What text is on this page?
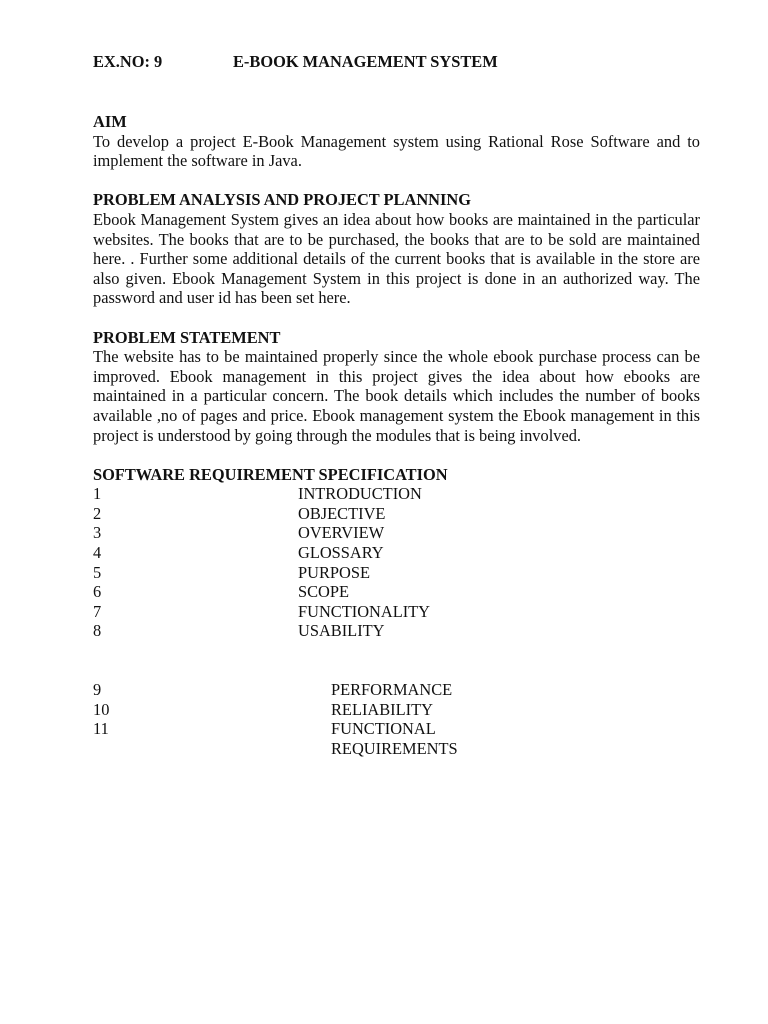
EX.NO: 9	E-BOOK MANAGEMENT SYSTEM

AIM

To develop a project E-Book Management system using Rational Rose Software and to implement the software in Java.

PROBLEM ANALYSIS AND PROJECT PLANNING

Ebook Management System gives an idea about how books are maintained in the particular websites. The books that are to be purchased, the books that are to be sold are maintained here. . Further some additional details of the current books that is available in the store are also given. Ebook Management System in this project is done in an authorized way. The password and user id has been set here.

PROBLEM STATEMENT

The website has to be maintained properly since the whole ebook purchase process can be improved. Ebook management in this project gives the idea about how ebooks are maintained in a particular concern. The book details which includes the number of books available ,no of pages and price. Ebook management system the Ebook management in this project is understood by going through the modules that is being involved.

SOFTWARE REQUIREMENT SPECIFICATION

1	INTRODUCTION
2	OBJECTIVE
3	OVERVIEW
4	GLOSSARY
5	PURPOSE
6	SCOPE
7	FUNCTIONALITY
8	USABILITY
9	PERFORMANCE
10	RELIABILITY
11	FUNCTIONAL REQUIREMENTS
